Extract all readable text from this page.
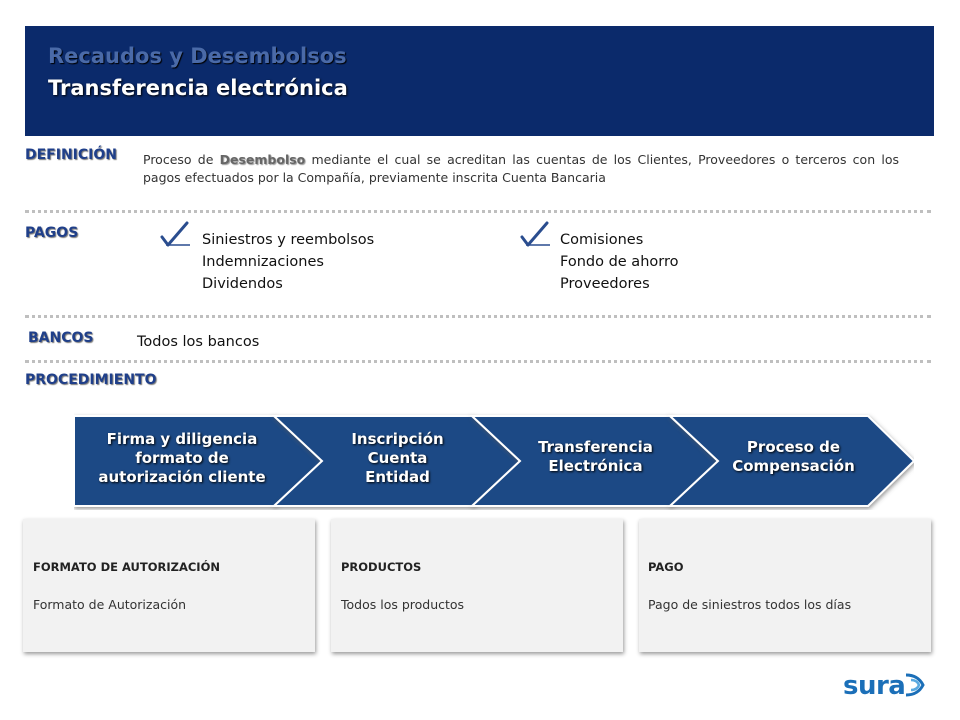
Recaudos y Desembolsos
Transferencia electrónica
DEFINICIÓN Proceso de Desembolso mediante el cual se acreditan las cuentas de los Clientes, Proveedores o terceros con los pagos efectuados por la Compañía, previamente inscrita Cuenta Bancaria
PAGOS	Siniestros y reembolsos
Indemnizaciones
Dividendos
Comisiones
Fondo de ahorro
Proveedores
BANCOS	Todos los bancos
PROCEDIMIENTO
Firma y diligencia
formato de
autorización cliente
Inscripción
Cuenta
Entidad
Transferencia
Electrónica
Proceso de
Compensación
FORMATO DE AUTORIZACIÓN
Formato de Autorización
PRODUCTOS
Todos los productos
PAGO
Pago de siniestros todos los días
sura
